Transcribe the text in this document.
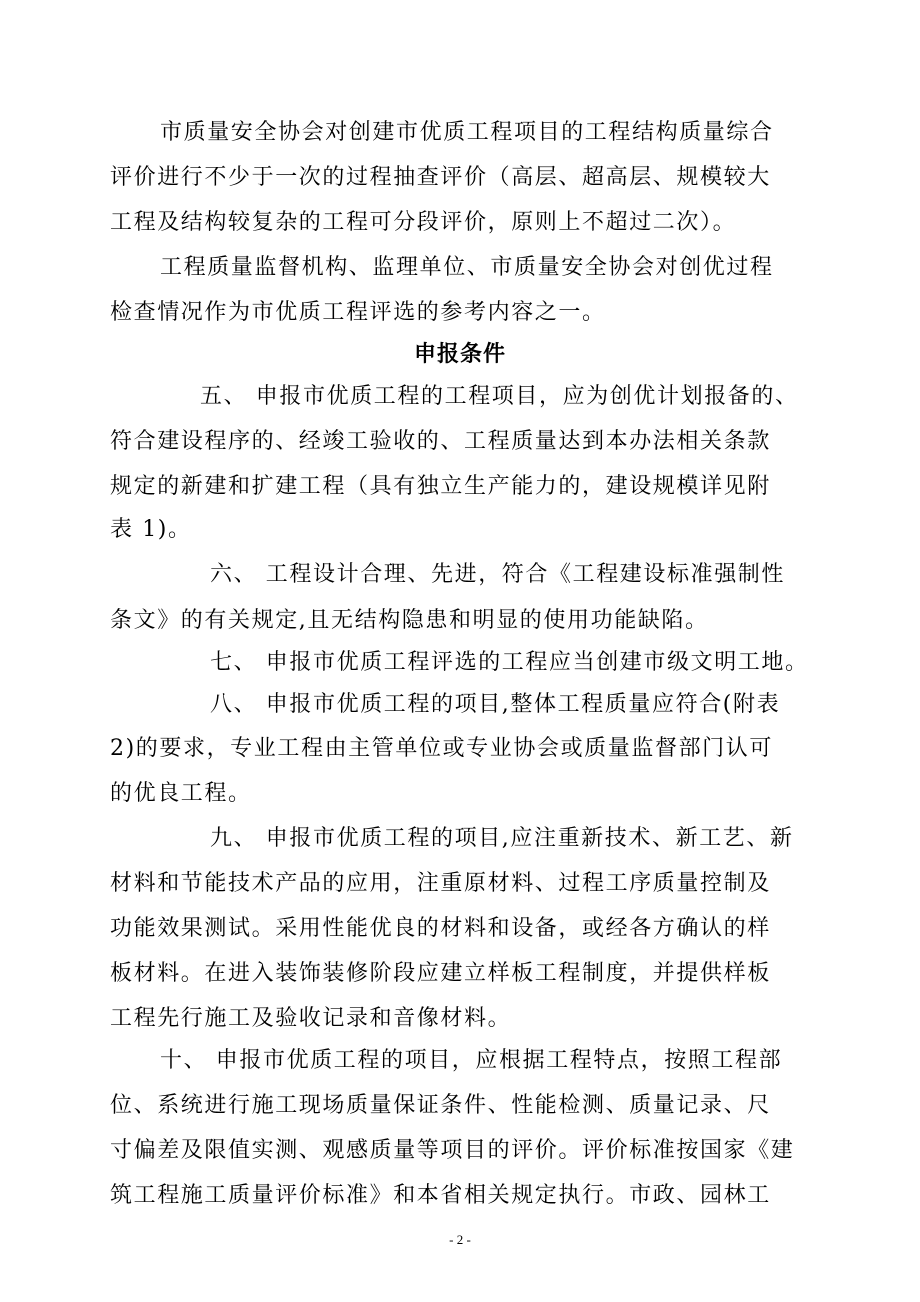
市质量安全协会对创建市优质工程项目的工程结构质量综合
评价进行不少于一次的过程抽查评价（高层、超高层、规模较大
工程及结构较复杂的工程可分段评价，原则上不超过二次）。
工程质量监督机构、监理单位、市质量安全协会对创优过程
检查情况作为市优质工程评选的参考内容之一。
申报条件
五、 申报市优质工程的工程项目，应为创优计划报备的、
符合建设程序的、经竣工验收的、工程质量达到本办法相关条款
规定的新建和扩建工程（具有独立生产能力的，建设规模详见附
表 1)。
六、 工程设计合理、先进，符合《工程建设标准强制性
条文》的有关规定,且无结构隐患和明显的使用功能缺陷。
七、 申报市优质工程评选的工程应当创建市级文明工地。
八、 申报市优质工程的项目,整体工程质量应符合(附表
2)的要求，专业工程由主管单位或专业协会或质量监督部门认可
的优良工程。
九、 申报市优质工程的项目,应注重新技术、新工艺、新
材料和节能技术产品的应用，注重原材料、过程工序质量控制及
功能效果测试。采用性能优良的材料和设备，或经各方确认的样
板材料。在进入装饰装修阶段应建立样板工程制度，并提供样板
工程先行施工及验收记录和音像材料。
十、 申报市优质工程的项目，应根据工程特点，按照工程部
位、系统进行施工现场质量保证条件、性能检测、质量记录、尺
寸偏差及限值实测、观感质量等项目的评价。评价标准按国家《建
筑工程施工质量评价标准》和本省相关规定执行。市政、园林工
- 2 -
